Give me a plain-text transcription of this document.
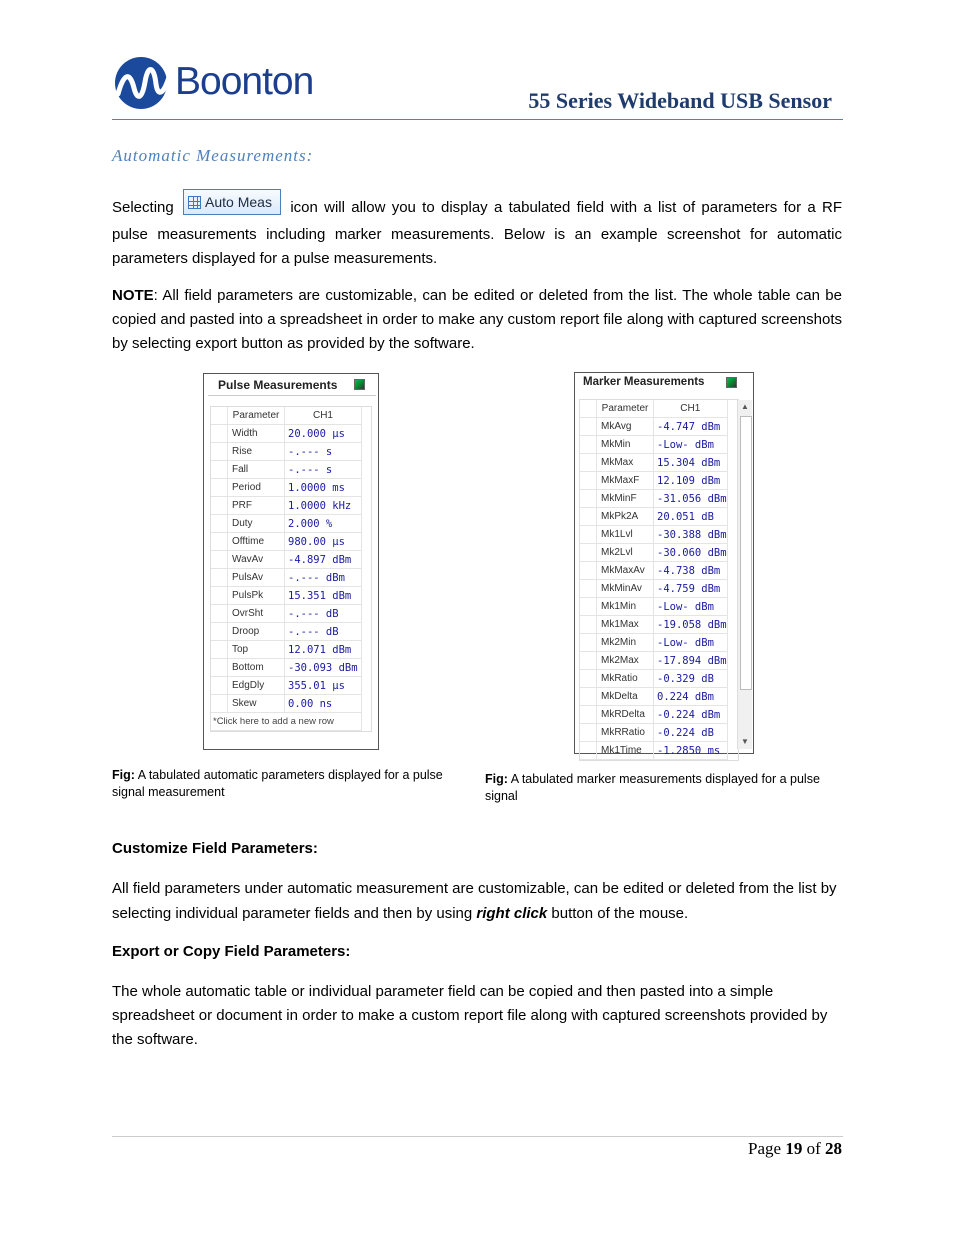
Boonton	55 Series Wideband USB Sensor
Automatic Measurements:
Selecting Auto Meas icon will allow you to display a tabulated field with a list of parameters for a RF pulse measurements including marker measurements. Below is an example screenshot for automatic parameters displayed for a pulse measurements.
NOTE: All field parameters are customizable, can be edited or deleted from the list. The whole table can be copied and pasted into a spreadsheet in order to make any custom report file along with captured screenshots by selecting export button as provided by the software.
Pulse Measurements
	Parameter	CH1
	Width	20.000 µs
	Rise	-.--- s
	Fall	-.--- s
	Period	1.0000 ms
	PRF	1.0000 kHz
	Duty	2.000 %
	Offtime	980.00 µs
	WavAv	-4.897 dBm
	PulsAv	-.--- dBm
	PulsPk	15.351 dBm
	OvrSht	-.--- dB
	Droop	-.--- dB
	Top	12.071 dBm
	Bottom	-30.093 dBm
	EdgDly	355.01 µs
	Skew	0.00 ns
*Click here to add a new row		
Marker Measurements
	Parameter	CH1
	MkAvg	-4.747 dBm
	MkMin	-Low- dBm
	MkMax	15.304 dBm
	MkMaxF	12.109 dBm
	MkMinF	-31.056 dBm
	MkPk2A	20.051 dB
	Mk1Lvl	-30.388 dBm
	Mk2Lvl	-30.060 dBm
	MkMaxAv	-4.738 dBm
	MkMinAv	-4.759 dBm
	Mk1Min	-Low- dBm
	Mk1Max	-19.058 dBm
	Mk2Min	-Low- dBm
	Mk2Max	-17.894 dBm
	MkRatio	-0.329 dB
	MkDelta	0.224 dBm
	MkRDelta	-0.224 dBm
	MkRRatio	-0.224 dB
	Mk1Time	-1.2850 ms
▲
▼
Fig: A tabulated automatic parameters displayed for a pulse signal measurement
Fig: A tabulated marker measurements displayed for a pulse signal
Customize Field Parameters:
All field parameters under automatic measurement are customizable, can be edited or deleted from the list by selecting individual parameter fields and then by using right click button of the mouse.
Export or Copy Field Parameters:
The whole automatic table or individual parameter field can be copied and then pasted into a simple spreadsheet or document in order to make a custom report file along with captured screenshots provided by the software.
Page 19 of 28
